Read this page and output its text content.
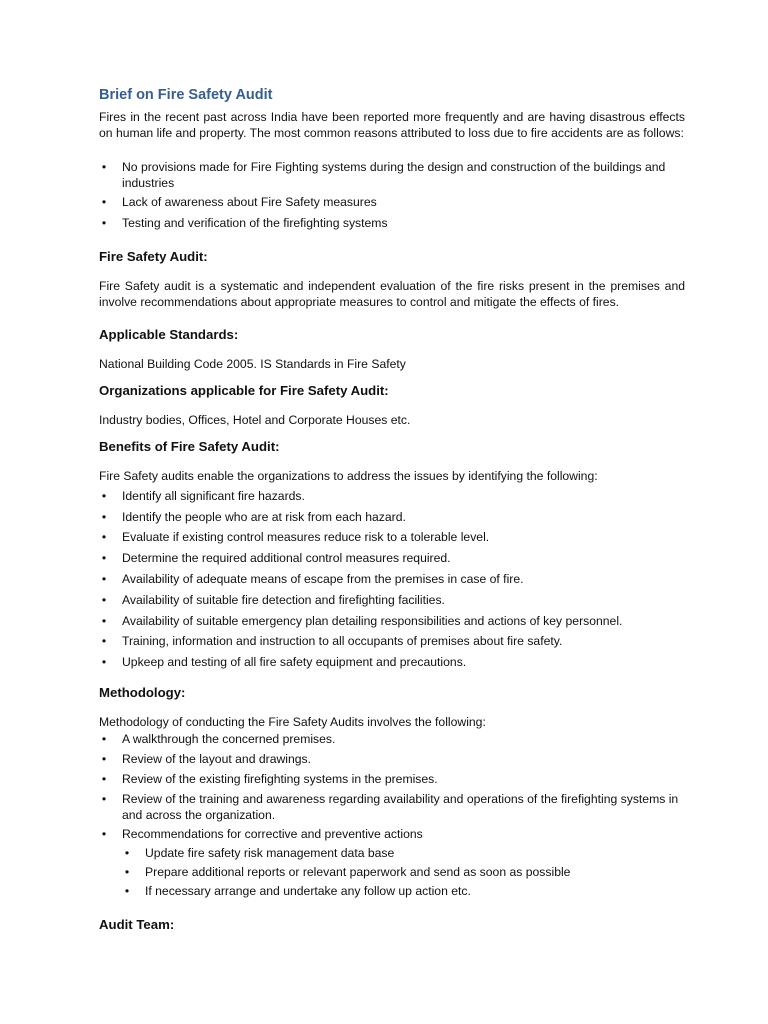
Brief on Fire Safety Audit

Fires in the recent past across India have been reported more frequently and are having disastrous effects on human life and property. The most common reasons attributed to loss due to fire accidents are as follows:

• No provisions made for Fire Fighting systems during the design and construction of the buildings and industries
• Lack of awareness about Fire Safety measures
• Testing and verification of the firefighting systems
Fire Safety Audit:

Fire Safety audit is a systematic and independent evaluation of the fire risks present in the premises and involve recommendations about appropriate measures to control and mitigate the effects of fires.

Applicable Standards:

National Building Code 2005. IS Standards in Fire Safety

Organizations applicable for Fire Safety Audit:

Industry bodies, Offices, Hotel and Corporate Houses etc.

Benefits of Fire Safety Audit:

Fire Safety audits enable the organizations to address the issues by identifying the following:

• Identify all significant fire hazards.
• Identify the people who are at risk from each hazard.
• Evaluate if existing control measures reduce risk to a tolerable level.
• Determine the required additional control measures required.
• Availability of adequate means of escape from the premises in case of fire.
• Availability of suitable fire detection and firefighting facilities.
• Availability of suitable emergency plan detailing responsibilities and actions of key personnel.
• Training, information and instruction to all occupants of premises about fire safety.
• Upkeep and testing of all fire safety equipment and precautions.
Methodology:

Methodology of conducting the Fire Safety Audits involves the following:

• A walkthrough the concerned premises.
• Review of the layout and drawings.
• Review of the existing firefighting systems in the premises.
• Review of the training and awareness regarding availability and operations of the firefighting systems in and across the organization.
• Recommendations for corrective and preventive actions
• Update fire safety risk management data base
• Prepare additional reports or relevant paperwork and send as soon as possible
• If necessary arrange and undertake any follow up action etc.
Audit Team:
